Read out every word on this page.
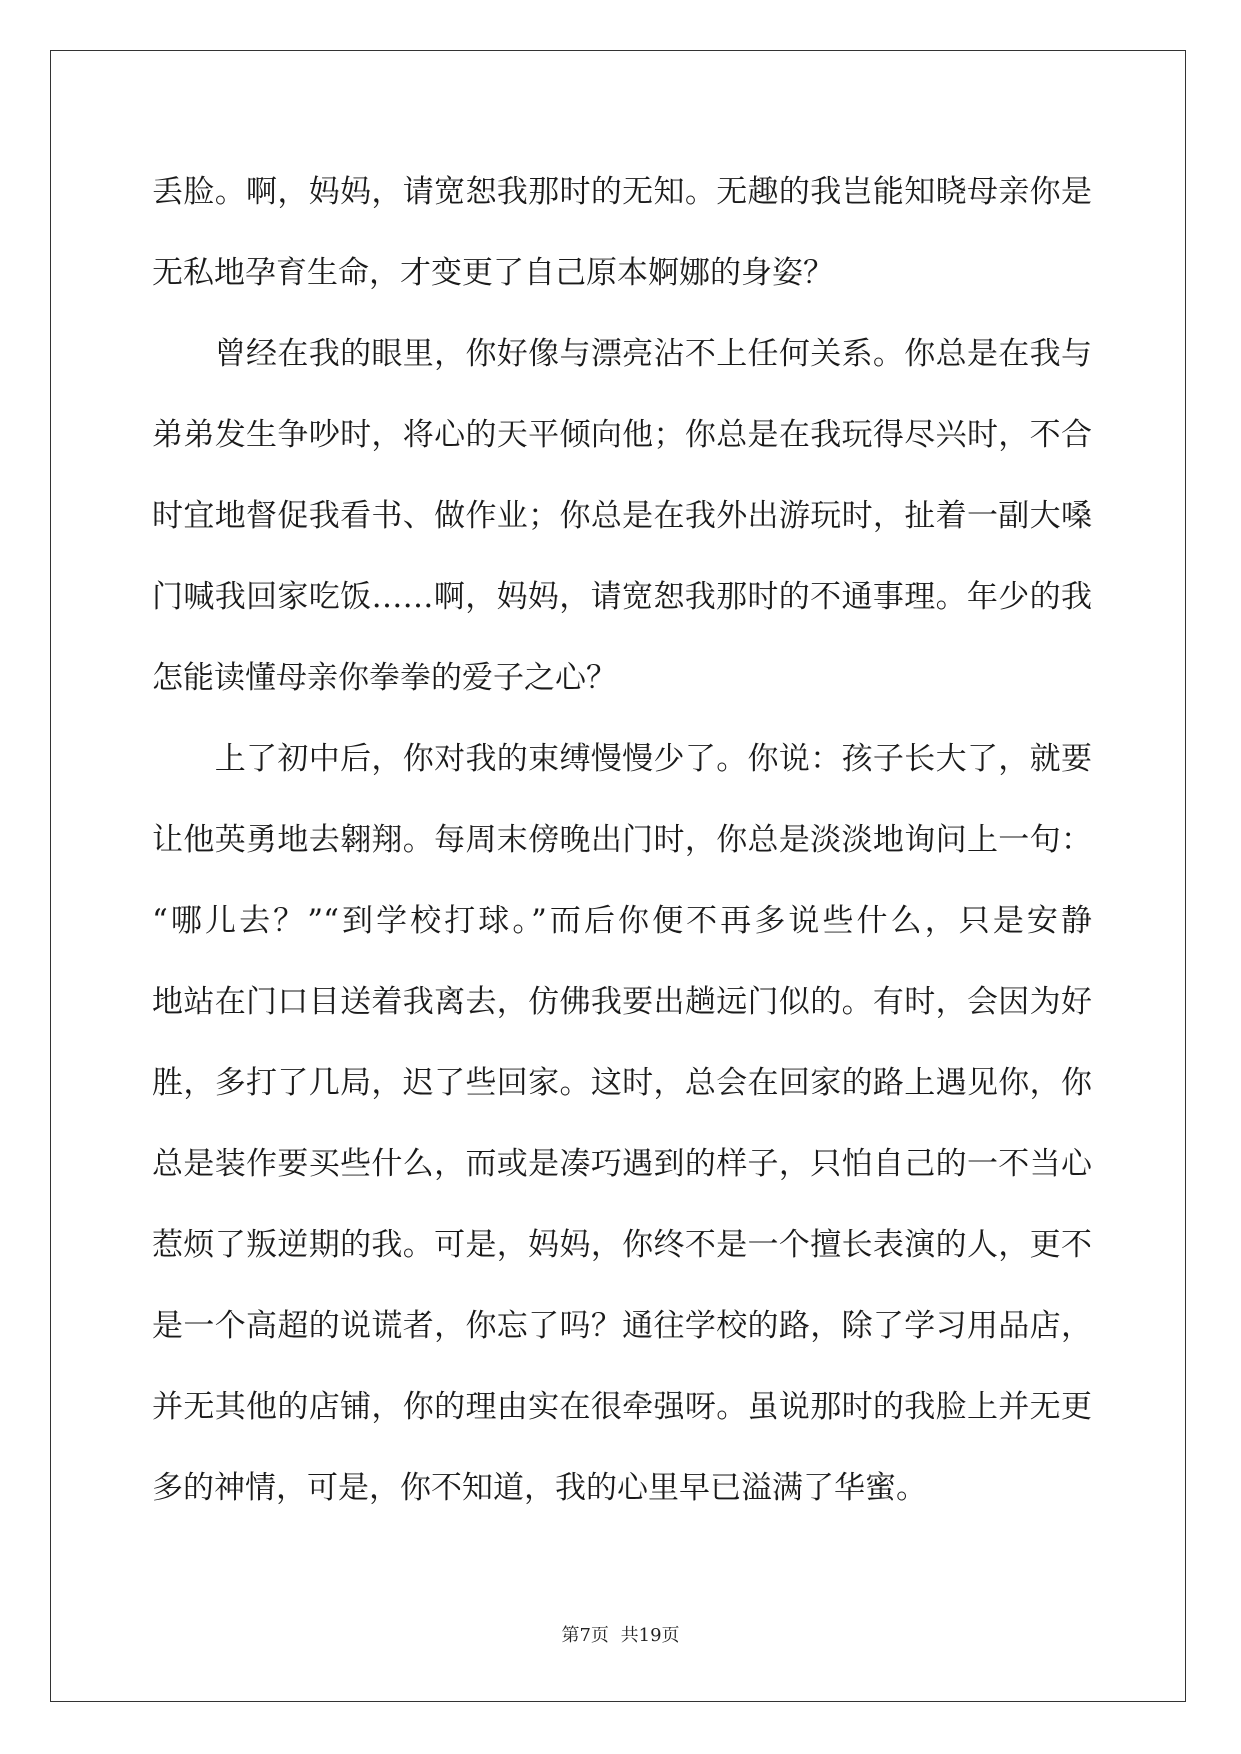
丢脸。啊，妈妈，请宽恕我那时的无知。无趣的我岂能知晓母亲你是
无私地孕育生命，才变更了自己原本婀娜的身姿？
　　曾经在我的眼里，你好像与漂亮沾不上任何关系。你总是在我与
弟弟发生争吵时，将心的天平倾向他；你总是在我玩得尽兴时，不合
时宜地督促我看书、做作业；你总是在我外出游玩时，扯着一副大嗓
门喊我回家吃饭……啊，妈妈，请宽恕我那时的不通事理。年少的我
怎能读懂母亲你拳拳的爱子之心？
　　上了初中后，你对我的束缚慢慢少了。你说：孩子长大了，就要
让他英勇地去翱翔。每周末傍晚出门时，你总是淡淡地询问上一句：
“哪儿去？”“到学校打球。”而后你便不再多说些什么，只是安静
地站在门口目送着我离去，仿佛我要出趟远门似的。有时，会因为好
胜，多打了几局，迟了些回家。这时，总会在回家的路上遇见你，你
总是装作要买些什么，而或是凑巧遇到的样子，只怕自己的一不当心
惹烦了叛逆期的我。可是，妈妈，你终不是一个擅长表演的人，更不
是一个高超的说谎者，你忘了吗？通往学校的路，除了学习用品店，
并无其他的店铺，你的理由实在很牵强呀。虽说那时的我脸上并无更
多的神情，可是，你不知道，我的心里早已溢满了华蜜。
第7页 共19页
